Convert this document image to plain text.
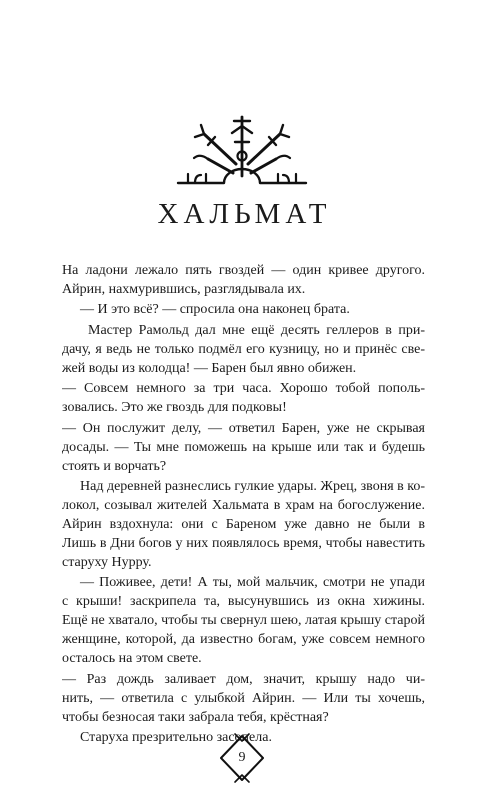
ХАЛЬМАТ
На ладони лежало пять гвоздей — один кривее другого.
Айрин, нахмурившись, разглядывала их.
— И это всё? — спросила она наконец брата.
Мастер Рамольд дал мне ещё десять геллеров в при-
дачу, я ведь не только подмёл его кузницу, но и принёс све-
жей воды из колодца! — Барен был явно обижен.
— Совсем немного за три часа. Хорошо тобой пополь-
зовались. Это же гвоздь для подковы!
— Он послужит делу, — ответил Барен, уже не скрывая
досады. — Ты мне поможешь на крыше или так и будешь
стоять и ворчать?
Над деревней разнеслись гулкие удары. Жрец, звоня в ко-
локол, созывал жителей Хальмата в храм на богослужение.
Айрин вздохнула: они с Бареном уже давно не были в
Лишь в Дни богов у них появлялось время, чтобы навестить
старуху Нурру.
— Поживее, дети! А ты, мой мальчик, смотри не упади
с крыши! заскрипела та, высунувшись из окна хижины.
Ещё не хватало, чтобы ты свернул шею, латая крышу старой
женщине, которой, да известно богам, уже совсем немного
осталось на этом свете.
— Раз дождь заливает дом, значит, крышу надо чи-
нить, — ответила с улыбкой Айрин. — Или ты хочешь,
чтобы безносая таки забрала тебя, крёстная?
Старуха презрительно засопела.
9
